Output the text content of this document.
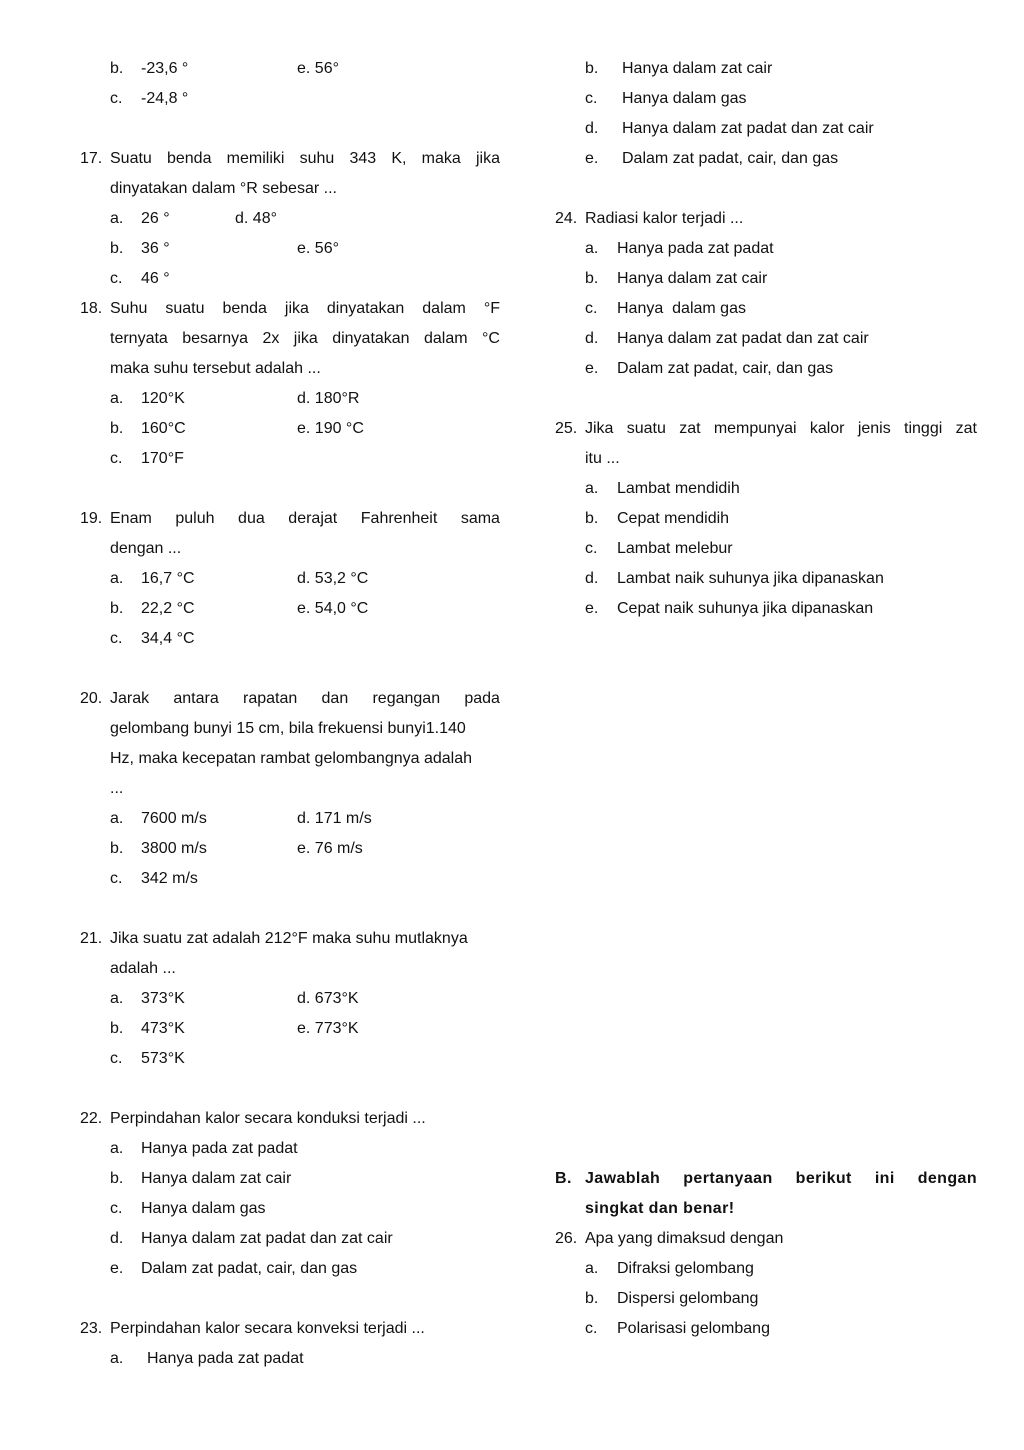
b. -23,6 °	e. 56°
c. -24,8 °
17. Suatu benda memiliki suhu 343 K, maka jika
dinyatakan dalam °R sebesar ...
a. 26 °	d. 48°
b. 36 °	e. 56°
c. 46 °
18. Suhu suatu benda jika dinyatakan dalam °F
ternyata besarnya 2x jika dinyatakan dalam °C
maka suhu tersebut adalah ...
a. 120°K	d. 180°R
b. 160°C	e. 190 °C
c. 170°F
19. Enam puluh dua derajat Fahrenheit sama
dengan ...
a. 16,7 °C	d. 53,2 °C
b. 22,2 °C	e. 54,0 °C
c. 34,4 °C
20. Jarak antara rapatan dan regangan pada
gelombang bunyi 15 cm, bila frekuensi bunyi1.140
Hz, maka kecepatan rambat gelombangnya adalah
...
a. 7600 m/s	d. 171 m/s
b. 3800 m/s	e. 76 m/s
c. 342 m/s
21. Jika suatu zat adalah 212°F maka suhu mutlaknya
adalah ...
a. 373°K	d. 673°K
b. 473°K	e. 773°K
c. 573°K
22. Perpindahan kalor secara konduksi terjadi ...
a. Hanya pada zat padat
b. Hanya dalam zat cair
c. Hanya dalam gas
d. Hanya dalam zat padat dan zat cair
e. Dalam zat padat, cair, dan gas
23. Perpindahan kalor secara konveksi terjadi ...
a. Hanya pada zat padat
b. Hanya dalam zat cair
c. Hanya dalam gas
d. Hanya dalam zat padat dan zat cair
e. Dalam zat padat, cair, dan gas
24. Radiasi kalor terjadi ...
a. Hanya pada zat padat
b. Hanya dalam zat cair
c. Hanya  dalam gas
d. Hanya dalam zat padat dan zat cair
e. Dalam zat padat, cair, dan gas
25. Jika suatu zat mempunyai kalor jenis tinggi zat
itu ...
a. Lambat mendidih
b. Cepat mendidih
c. Lambat melebur
d. Lambat naik suhunya jika dipanaskan
e. Cepat naik suhunya jika dipanaskan
B. Jawablah pertanyaan berikut ini dengan
singkat dan benar!
26. Apa yang dimaksud dengan
a. Difraksi gelombang
b. Dispersi gelombang
c. Polarisasi gelombang
